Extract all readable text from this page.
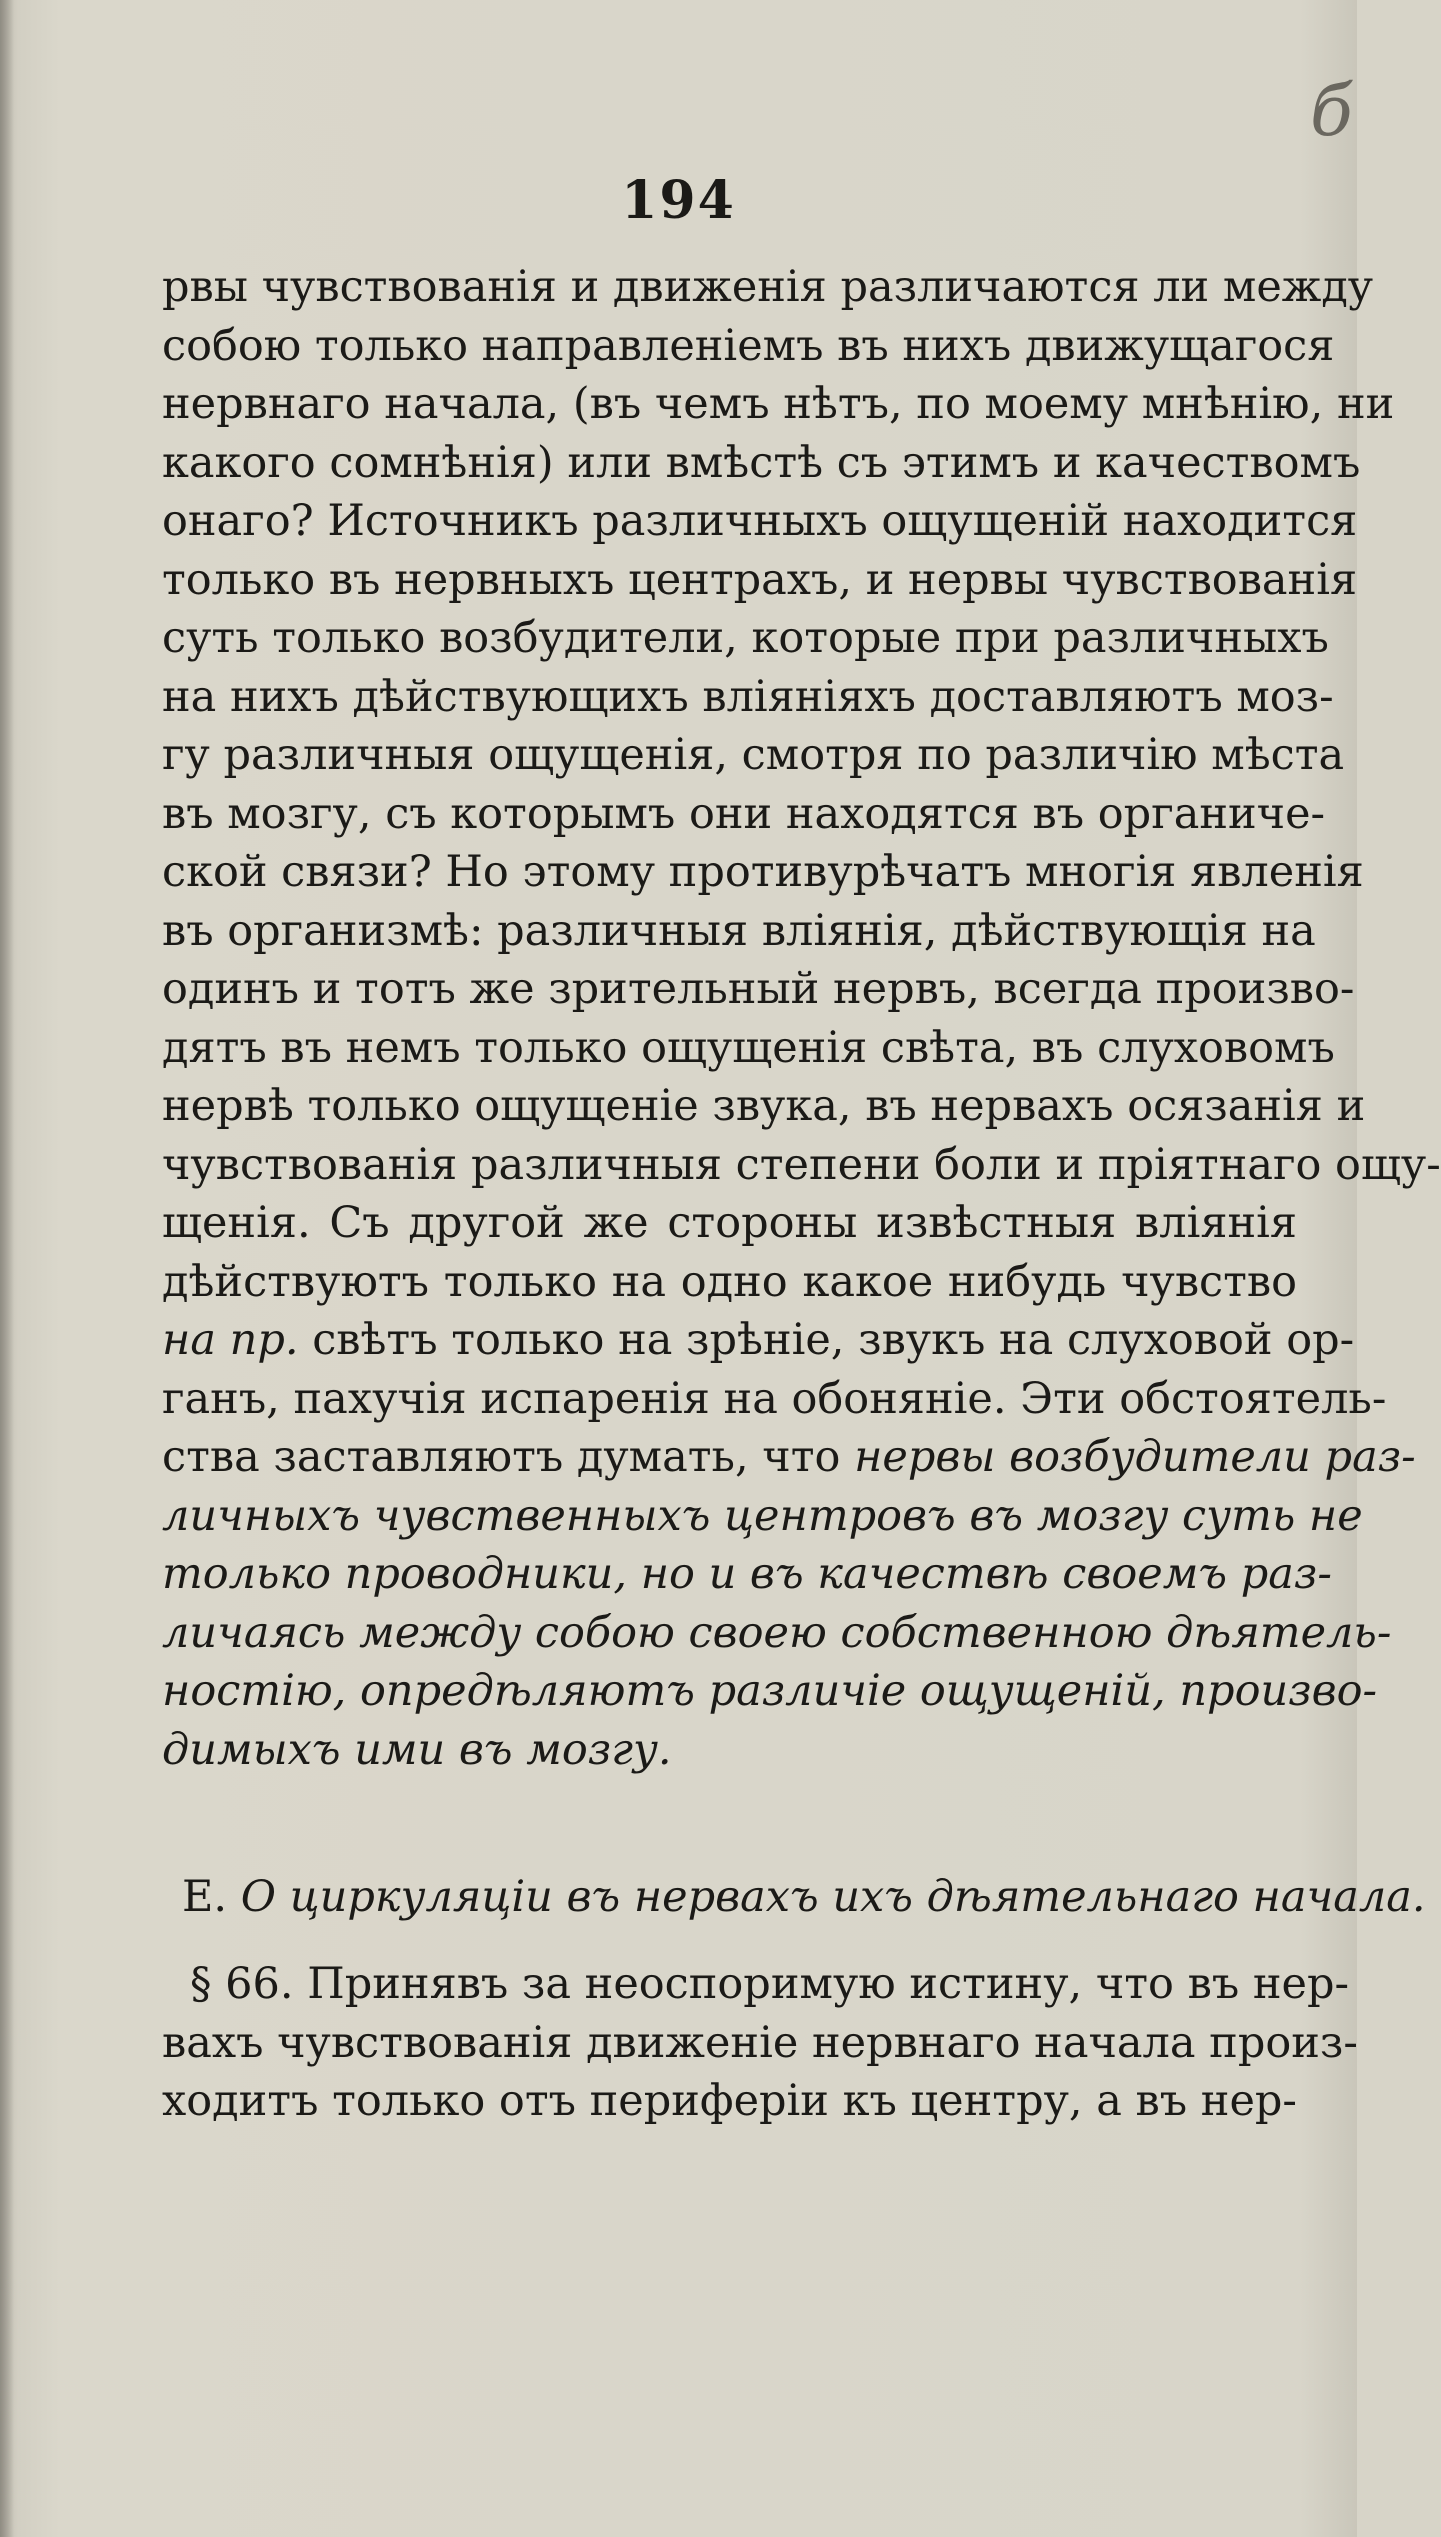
б
194
рвы чувствованія и движенія различаются ли между
собою только направленіемъ въ нихъ движущагося
нервнаго начала, (въ чемъ нѣтъ, по моему мнѣнію, ни
какого сомнѣнія) или вмѣстѣ съ этимъ и качествомъ
онаго? Источникъ различныхъ ощущеній находится
только въ нервныхъ центрахъ, и нервы чувствованія
суть только возбудители, которые при различныхъ
на нихъ дѣйствующихъ вліяніяхъ доставляютъ моз-
гу различныя ощущенія, смотря по различію мѣста
въ мозгу, съ которымъ они находятся въ органиче-
ской связи? Но этому противурѣчатъ многія явленія
въ организмѣ: различныя вліянія, дѣйствующія на
одинъ и тотъ же зрительный нервъ, всегда произво-
дятъ въ немъ только ощущенія свѣта, въ слуховомъ
нервѣ только ощущеніе звука, въ нервахъ осязанія и
чувствованія различныя степени боли и пріятнаго ощу-
щенія. Съ другой же стороны извѣстныя вліянія
дѣйствуютъ только на одно какое нибудь чувство
на пр. свѣтъ только на зрѣніе, звукъ на слуховой ор-
ганъ, пахучія испаренія на обоняніе. Эти обстоятель-
ства заставляютъ думать, что нервы возбудители раз-
личныхъ чувственныхъ центровъ въ мозгу суть не
только проводники, но и въ качествѣ своемъ раз-
личаясь между собою своею собственною дѣятель-
ностію, опредѣляютъ различіе ощущеній, произво-
димыхъ ими въ мозгу.
E. О циркуляціи въ нервахъ ихъ дѣятельнаго начала.
§ 66. Принявъ за неоспоримую истину, что въ нер-
вахъ чувствованія движеніе нервнаго начала произ-
ходитъ только отъ периферіи къ центру, а въ нер-
